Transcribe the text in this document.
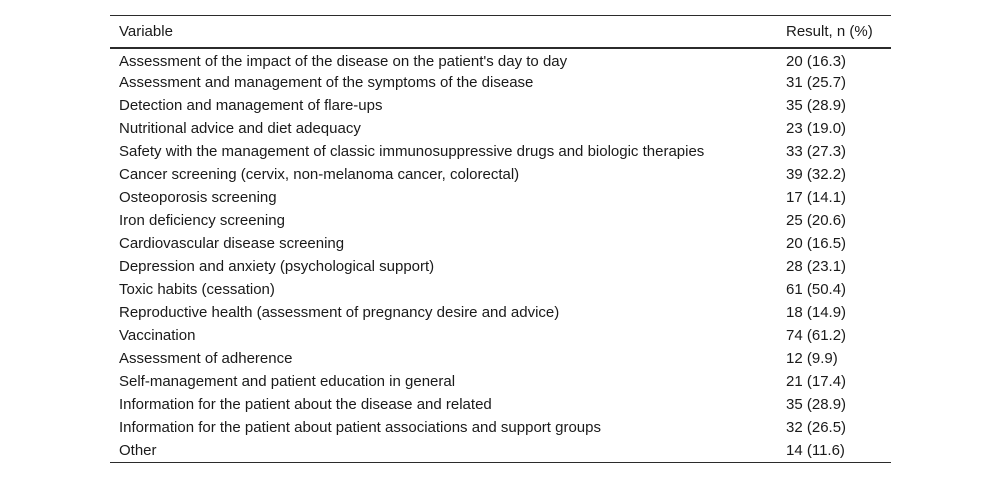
Variable	Result, n (%)
Assessment of the impact of the disease on the patient's day to day	20 (16.3)
Assessment and management of the symptoms of the disease	31 (25.7)
Detection and management of flare-ups	35 (28.9)
Nutritional advice and diet adequacy	23 (19.0)
Safety with the management of classic immunosuppressive drugs and biologic therapies	33 (27.3)
Cancer screening (cervix, non-melanoma cancer, colorectal)	39 (32.2)
Osteoporosis screening	17 (14.1)
Iron deficiency screening	25 (20.6)
Cardiovascular disease screening	20 (16.5)
Depression and anxiety (psychological support)	28 (23.1)
Toxic habits (cessation)	61 (50.4)
Reproductive health (assessment of pregnancy desire and advice)	18 (14.9)
Vaccination	74 (61.2)
Assessment of adherence	12 (9.9)
Self-management and patient education in general	21 (17.4)
Information for the patient about the disease and related	35 (28.9)
Information for the patient about patient associations and support groups	32 (26.5)
Other	14 (11.6)
